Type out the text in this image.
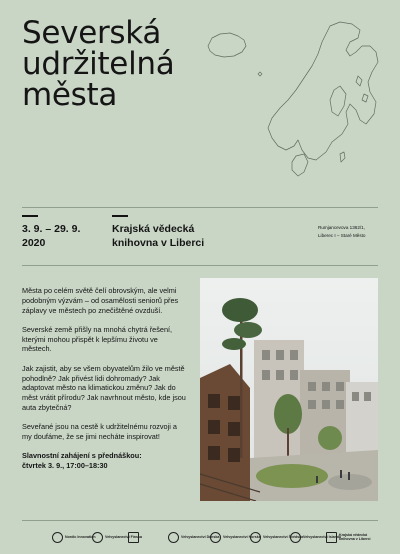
Severská
udržitelná
města
3. 9. – 29. 9.
2020
Krajská vědecká
knihovna v Liberci
Rumjancevova 1362/1,
Liberec I – Staré Město

Města po celém světě čelí obrovským, ale velmi podobným výzvám – od osamělosti seniorů přes záplavy ve městech po znečištěné ovzduší.

Severské země přišly na mnohá chytrá řešení, kterými mohou přispět k lepšímu životu ve městech.

Jak zajistit, aby se všem obyvatelům žilo ve městě pohodlně? Jak přivést lidi dohromady? Jak adaptovat město na klimatickou změnu? Jak do měst vrátit přírodu? Jak navrhnout město, kde jsou auta zbytečná?

Seveřané jsou na cestě k udržitelnému rozvoji a my doufáme, že se jimi necháte inspirovat!

Slavnostní zahájení s přednáškou:
čtvrtek 3. 9., 17:00–18:30

Nordic Innovation	Velvyslanectví Finska	Velvyslanectví Dánska Velvyslanectví Norska Velvyslanectví Švédska Velvyslanectví Islandu
Krajská vědecká knihovna v Liberci
